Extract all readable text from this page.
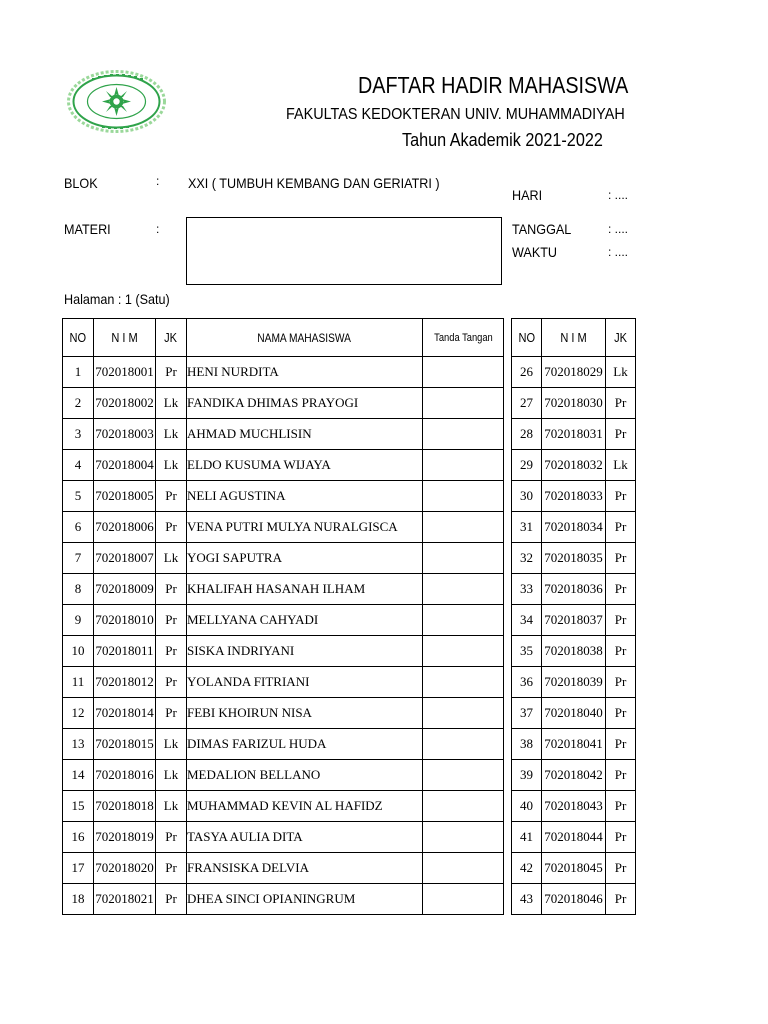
DAFTAR HADIR MAHASISWA
FAKULTAS KEDOKTERAN UNIV. MUHAMMADIYAH
Tahun Akademik 2021-2022
BLOK	: XXI ( TUMBUH KEMBANG DAN GERIATRI )
MATERI	:
HARI	: ....
TANGGAL	: ....
WAKTU	: ....
Halaman : 1 (Satu)
NO	N I M	JK	NAMA MAHASISWA	Tanda Tangan
1	702018001	Pr	HENI NURDITA	
2	702018002	Lk	FANDIKA DHIMAS PRAYOGI	
3	702018003	Lk	AHMAD MUCHLISIN	
4	702018004	Lk	ELDO KUSUMA WIJAYA	
5	702018005	Pr	NELI AGUSTINA	
6	702018006	Pr	VENA PUTRI MULYA NURALGISCA	
7	702018007	Lk	YOGI SAPUTRA	
8	702018009	Pr	KHALIFAH HASANAH ILHAM	
9	702018010	Pr	MELLYANA CAHYADI	
10	702018011	Pr	SISKA INDRIYANI	
11	702018012	Pr	YOLANDA FITRIANI	
12	702018014	Pr	FEBI KHOIRUN NISA	
13	702018015	Lk	DIMAS FARIZUL HUDA	
14	702018016	Lk	MEDALION BELLANO	
15	702018018	Lk	MUHAMMAD KEVIN AL HAFIDZ	
16	702018019	Pr	TASYA AULIA DITA	
17	702018020	Pr	FRANSISKA DELVIA	
18	702018021	Pr	DHEA SINCI OPIANINGRUM	
NO	N I M	JK
26	702018029	Lk
27	702018030	Pr
28	702018031	Pr
29	702018032	Lk
30	702018033	Pr
31	702018034	Pr
32	702018035	Pr
33	702018036	Pr
34	702018037	Pr
35	702018038	Pr
36	702018039	Pr
37	702018040	Pr
38	702018041	Pr
39	702018042	Pr
40	702018043	Pr
41	702018044	Pr
42	702018045	Pr
43	702018046	Pr
